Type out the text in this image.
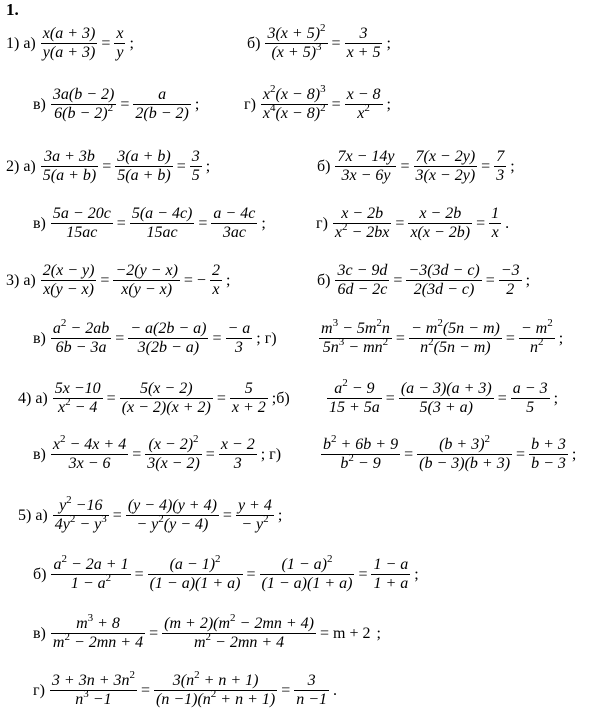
1.
1) $а) \frac{x(a + 3)}{y(a + 3)} = \frac{x}{y}$ ;	$б) \frac{3(x + 5)^2}{(x + 5)^3} = \frac{3}{x + 5}$ ;
$в) \frac{3a(b - 2)}{6(b - 2)^2} = \frac{a}{2(b - 2)}$ ;	$г) \frac{x^2(x - 8)^3}{x^4(x - 8)^2} = \frac{x - 8}{x^2}$ ;
2) $а) \frac{3a + 3b}{5(a + b)} = \frac{3(a + b)}{5(a + b)} = \frac{3}{5}$ ;	$б) \frac{7x - 14y}{3x - 6y} = \frac{7(x - 2y)}{3(x - 2y)} = \frac{7}{3}$ ;
$в) \frac{5a - 20c}{15ac} = \frac{5(a - 4c)}{15ac} = \frac{a - 4c}{3ac}$ ;	$г) \frac{x - 2b}{x^2 - 2bx} = \frac{x - 2b}{x(x - 2b)} = \frac{1}{x}$ .
3) $а) \frac{2(x - y)}{x(y - x)} = \frac{-2(y - x)}{x(y - x)}$ = − $\frac{2}{x}$ ;	$б) \frac{3c - 9d}{6d - 2c} = \frac{-3(3d - c)}{2(3d - c)} = \frac{-3}{2}$ ;
$в) \frac{a^2 - 2ab}{6b - 3a} = \frac{- a(2b - a)}{3(2b - a)} = \frac{- a}{3}$ ; г)	$\frac{m^3 - 5m^2n}{5n^3 - mn^2} = \frac{- m^2(5n - m)}{n^2(5n - m)} = \frac{- m^2}{n^2}$ ;
4) $а) \frac{5x -10}{x^2 - 4} = \frac{5(x - 2)}{(x - 2)(x + 2)} = \frac{5}{x + 2}$ ;б) $\frac{a^2 - 9}{15 + 5a} = \frac{(a - 3)(a + 3)}{5(3 + a)} = \frac{a - 3}{5}$ ;
$в) \frac{x^2 - 4x + 4}{3x - 6} = \frac{(x - 2)^2}{3(x - 2)} = \frac{x - 2}{3}$ ; $г) \frac{b^2 + 6b + 9}{b^2 - 9} = \frac{(b + 3)^2}{(b - 3)(b + 3)} = \frac{b + 3}{b - 3}$ ;
5) $а) \frac{y^2 -16}{4y^2 - y^3} = \frac{(y - 4)(y + 4)}{- y^2(y - 4)} = \frac{y + 4}{- y^2}$ ;
$б) \frac{a^2 - 2a + 1}{1 - a^2} = \frac{(a - 1)^2}{(1 - a)(1 + a)} = \frac{(1 - a)^2}{(1 - a)(1 + a)} = \frac{1 - a}{1 + a}$ ;
$в) \frac{m^3 + 8}{m^2 - 2mn + 4} = \frac{(m + 2)(m^2 - 2mn + 4)}{m^2 - 2mn + 4} = m + 2$ ;
$г) \frac{3 + 3n + 3n^2}{n^3 -1} = \frac{3(n^2 + n + 1)}{(n -1)(n^2 + n + 1)} = \frac{3}{n -1}$ .
